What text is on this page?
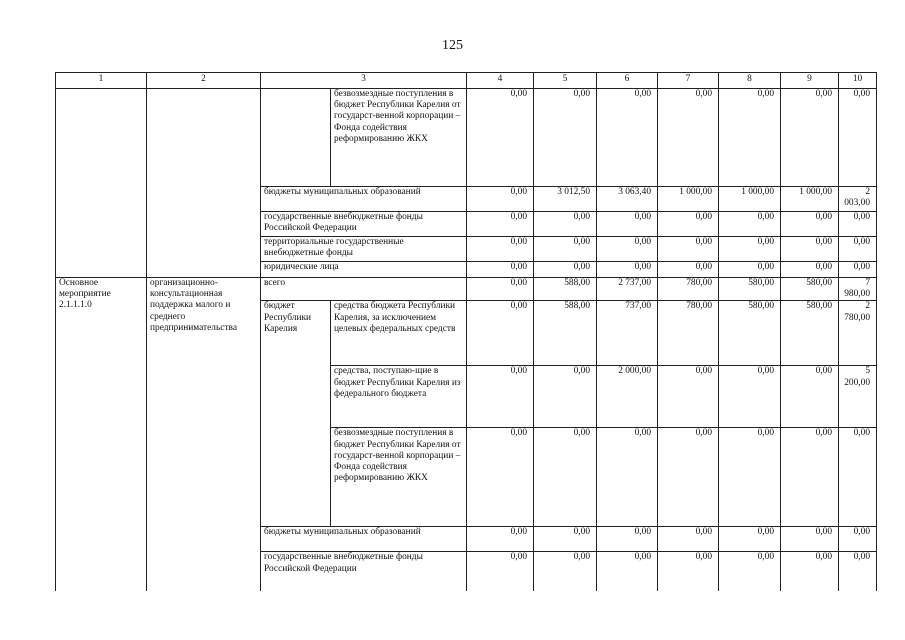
125
1	2	3		4	5	6	7	8	9	10
			безвозмездные поступления в бюджет Республики Карелия от государст-венной корпорации – Фонда содействия реформированию ЖКХ	0,00	0,00	0,00	0,00	0,00	0,00	0,00
		бюджеты муниципальных образований		0,00	3 012,50	3 063,40	1 000,00	1 000,00	1 000,00	2 003,00
		государственные внебюджетные фонды Российской Федерации		0,00	0,00	0,00	0,00	0,00	0,00	0,00
		территориальные государственные внебюджетные фонды		0,00	0,00	0,00	0,00	0,00	0,00	0,00
		юридические лица		0,00	0,00	0,00	0,00	0,00	0,00	0,00
Основное мероприятие 2.1.1.1.0	организационно-консультационная поддержка малого и среднего предпринимательства	всего		0,00	588,00	2 737,00	780,00	580,00	580,00	7 980,00
		бюджет Республики Карелия	средства бюджета Республики Карелия, за исключением целевых федеральных средств	0,00	588,00	737,00	780,00	580,00	580,00	2 780,00
			средства, поступаю-щие в бюджет Республики Карелия из федерального бюджета	0,00	0,00	2 000,00	0,00	0,00	0,00	5 200,00
			безвозмездные поступления в бюджет Республики Карелия от государст-венной корпорации – Фонда содействия реформированию ЖКХ	0,00	0,00	0,00	0,00	0,00	0,00	0,00
		бюджеты муниципальных образований		0,00	0,00	0,00	0,00	0,00	0,00	0,00
		государственные внебюджетные фонды Российской Федерации		0,00	0,00	0,00	0,00	0,00	0,00	0,00
